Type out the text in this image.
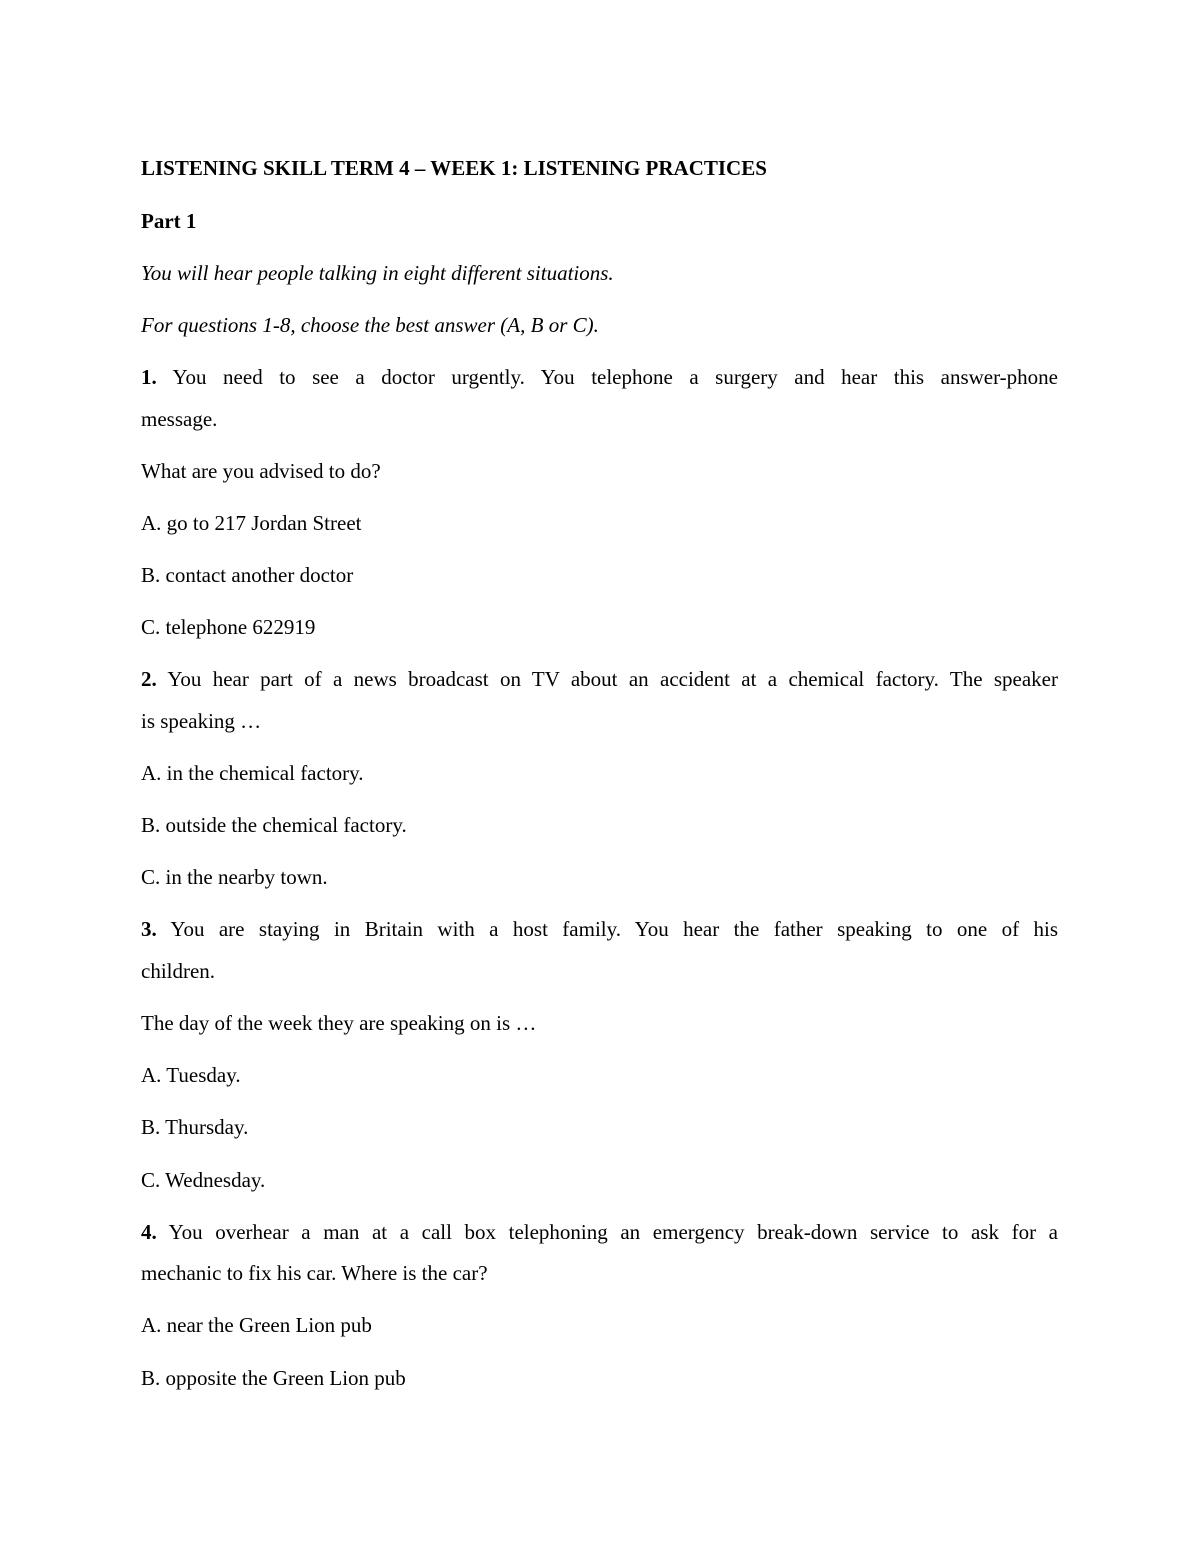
LISTENING SKILL TERM 4 – WEEK 1: LISTENING PRACTICES

Part 1

You will hear people talking in eight different situations.

For questions 1-8, choose the best answer (A, B or C).

1. You need to see a doctor urgently. You telephone a surgery and hear this answer-phone

message.

What are you advised to do?

A. go to 217 Jordan Street

B. contact another doctor

C. telephone 622919

2. You hear part of a news broadcast on TV about an accident at a chemical factory. The speaker

is speaking …

A. in the chemical factory.

B. outside the chemical factory.

C. in the nearby town.

3. You are staying in Britain with a host family. You hear the father speaking to one of his

children.

The day of the week they are speaking on is …

A. Tuesday.

B. Thursday.

C. Wednesday.

4. You overhear a man at a call box telephoning an emergency break-down service to ask for a

mechanic to fix his car. Where is the car?

A. near the Green Lion pub

B. opposite the Green Lion pub
